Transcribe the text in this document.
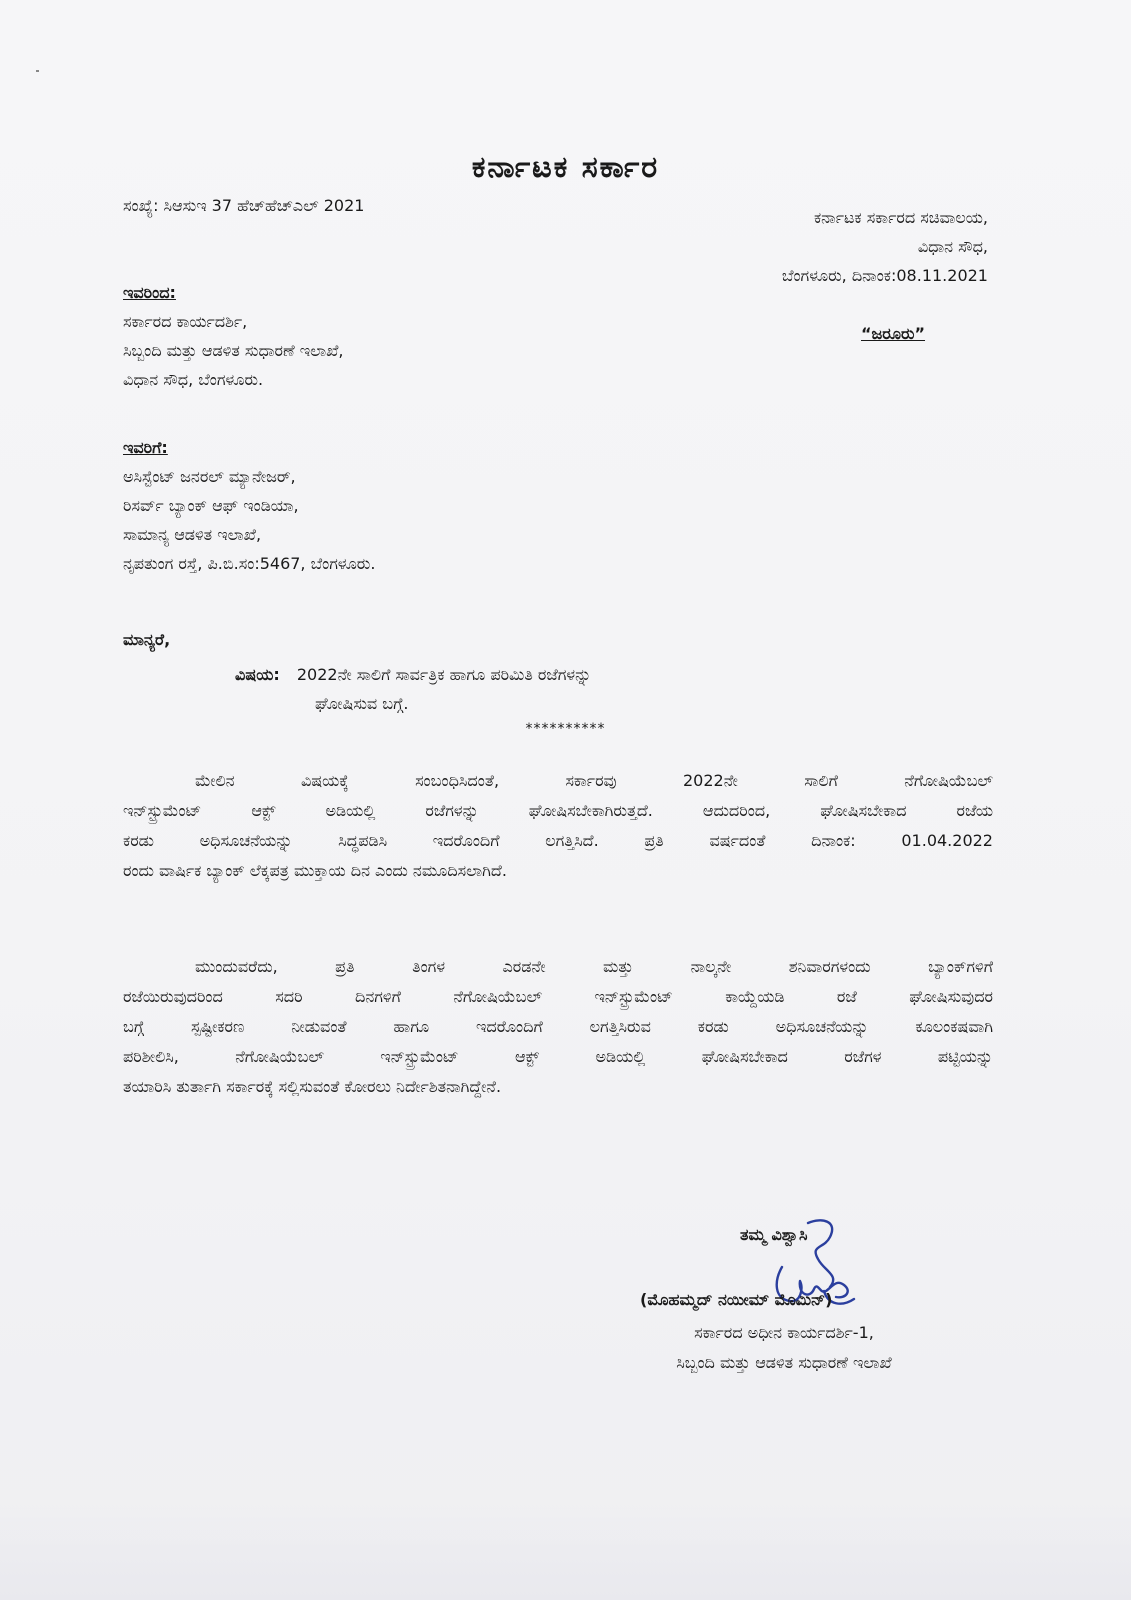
ಕರ್ನಾಟಕ ಸರ್ಕಾರ
ಸಂಖ್ಯೆ: ಸಿಆಸುಇ 37 ಹೆಚ್‌ಹೆಚ್‌ಎಲ್ 2021
ಕರ್ನಾಟಕ ಸರ್ಕಾರದ ಸಚಿವಾಲಯ,
ವಿಧಾನ ಸೌಧ,
ಬೆಂಗಳೂರು, ದಿನಾಂಕ:08.11.2021
“ಜರೂರು”
ಇವರಿಂದ:
ಸರ್ಕಾರದ ಕಾರ್ಯದರ್ಶಿ,
ಸಿಬ್ಬಂದಿ ಮತ್ತು ಆಡಳಿತ ಸುಧಾರಣೆ ಇಲಾಖೆ,
ವಿಧಾನ ಸೌಧ, ಬೆಂಗಳೂರು.
ಇವರಿಗೆ:
ಅಸಿಸ್ಟೆಂಟ್ ಜನರಲ್ ಮ್ಯಾನೇಜರ್,
ರಿಸರ್ವ್ ಬ್ಯಾಂಕ್ ಆಫ್ ಇಂಡಿಯಾ,
ಸಾಮಾನ್ಯ ಆಡಳಿತ ಇಲಾಖೆ,
ನೃಪತುಂಗ ರಸ್ತೆ, ಪಿ.ಬಿ.ಸಂ:5467, ಬೆಂಗಳೂರು.
ಮಾನ್ಯರೆ,
ವಿಷಯ: 2022ನೇ ಸಾಲಿಗೆ ಸಾರ್ವತ್ರಿಕ ಹಾಗೂ ಪರಿಮಿತಿ ರಜೆಗಳನ್ನು
ಘೋಷಿಸುವ ಬಗ್ಗೆ.
**********
ಮೇಲಿನ ವಿಷಯಕ್ಕೆ ಸಂಬಂಧಿಸಿದಂತೆ, ಸರ್ಕಾರವು 2022ನೇ ಸಾಲಿಗೆ ನೆಗೋಷಿಯೆಬಲ್
ಇನ್‌ಸ್ಟ್ರುಮೆಂಟ್ ಆಕ್ಟ್ ಅಡಿಯಲ್ಲಿ ರಜೆಗಳನ್ನು ಘೋಷಿಸಬೇಕಾಗಿರುತ್ತದೆ. ಆದುದರಿಂದ, ಘೋಷಿಸಬೇಕಾದ ರಜೆಯ
ಕರಡು ಅಧಿಸೂಚನೆಯನ್ನು ಸಿದ್ಧಪಡಿಸಿ ಇದರೊಂದಿಗೆ ಲಗತ್ತಿಸಿದೆ. ಪ್ರತಿ ವರ್ಷದಂತೆ ದಿನಾಂಕ: 01.04.2022
ರಂದು ವಾರ್ಷಿಕ ಬ್ಯಾಂಕ್ ಲೆಕ್ಕಪತ್ರ ಮುಕ್ತಾಯ ದಿನ ಎಂದು ನಮೂದಿಸಲಾಗಿದೆ.
ಮುಂದುವರೆದು, ಪ್ರತಿ ತಿಂಗಳ ಎರಡನೇ ಮತ್ತು ನಾಲ್ಕನೇ ಶನಿವಾರಗಳಂದು ಬ್ಯಾಂಕ್‌ಗಳಿಗೆ
ರಜೆಯಿರುವುದರಿಂದ ಸದರಿ ದಿನಗಳಿಗೆ ನೆಗೋಷಿಯೆಬಲ್ ಇನ್‌ಸ್ಟ್ರುಮೆಂಟ್ ಕಾಯ್ದೆಯಡಿ ರಜೆ ಘೋಷಿಸುವುದರ
ಬಗ್ಗೆ ಸ್ಪಷ್ಟೀಕರಣ ನೀಡುವಂತೆ ಹಾಗೂ ಇದರೊಂದಿಗೆ ಲಗತ್ತಿಸಿರುವ ಕರಡು ಅಧಿಸೂಚನೆಯನ್ನು ಕೂಲಂಕಷವಾಗಿ
ಪರಿಶೀಲಿಸಿ, ನೆಗೋಷಿಯೆಬಲ್ ಇನ್‌ಸ್ಟ್ರುಮೆಂಟ್ ಆಕ್ಟ್ ಅಡಿಯಲ್ಲಿ ಘೋಷಿಸಬೇಕಾದ ರಜೆಗಳ ಪಟ್ಟಿಯನ್ನು
ತಯಾರಿಸಿ ತುರ್ತಾಗಿ ಸರ್ಕಾರಕ್ಕೆ ಸಲ್ಲಿಸುವಂತೆ ಕೋರಲು ನಿರ್ದೇಶಿತನಾಗಿದ್ದೇನೆ.
ತಮ್ಮ ವಿಶ್ವಾಸಿ
(ಮೊಹಮ್ಮದ್ ನಯೀಮ್ ಮೊಮಿನ್)
ಸರ್ಕಾರದ ಅಧೀನ ಕಾರ್ಯದರ್ಶಿ-1,
ಸಿಬ್ಬಂದಿ ಮತ್ತು ಆಡಳಿತ ಸುಧಾರಣೆ ಇಲಾಖೆ
